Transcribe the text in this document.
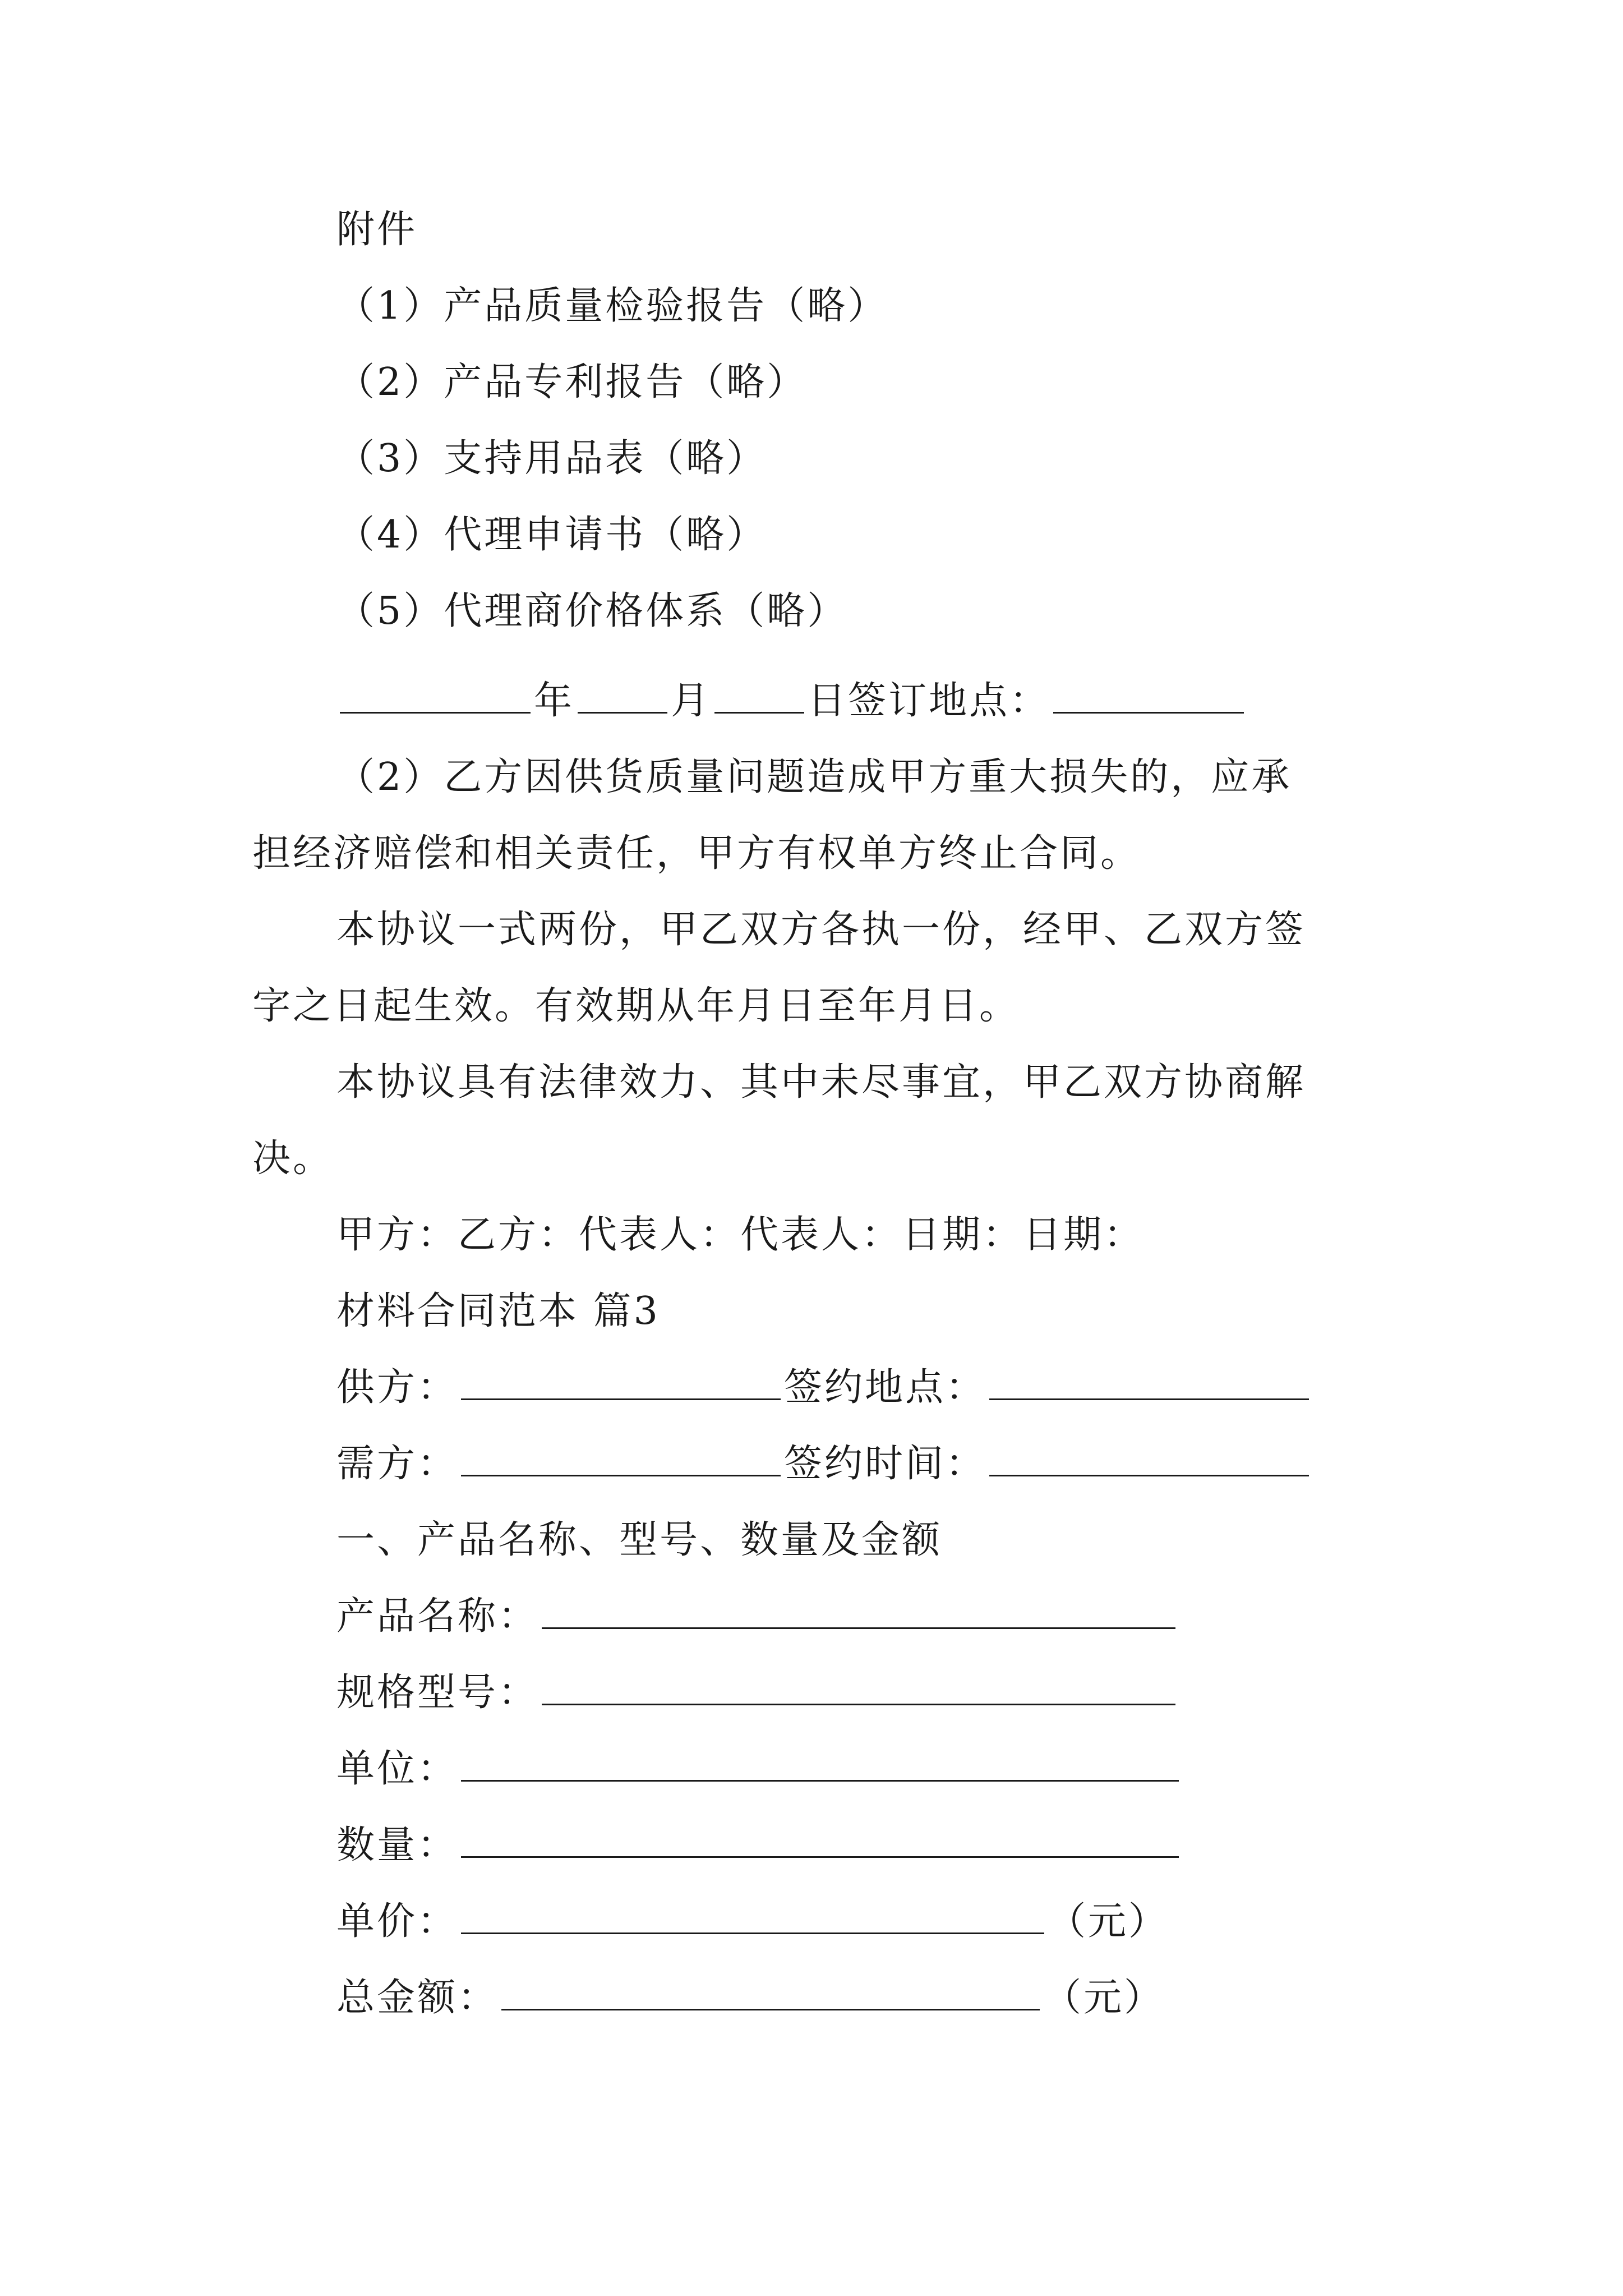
附件
（1）产品质量检验报告（略）
（2）产品专利报告（略）
（3）支持用品表（略）
（4）代理申请书（略）
（5）代理商价格体系（略）
年	月	日签订地点：
（2）乙方因供货质量问题造成甲方重大损失的，应承
担经济赔偿和相关责任，甲方有权单方终止合同。
本协议一式两份，甲乙双方各执一份，经甲、乙双方签
字之日起生效。有效期从年月日至年月日。
本协议具有法律效力、其中未尽事宜，甲乙双方协商解
决。
甲方：乙方：代表人：代表人：日期：日期：
材料合同范本 篇3
供方：	签约地点：
需方：	签约时间：
一、产品名称、型号、数量及金额
产品名称：
规格型号：
单位：
数量：
单价：	（元）
总金额：	（元）
